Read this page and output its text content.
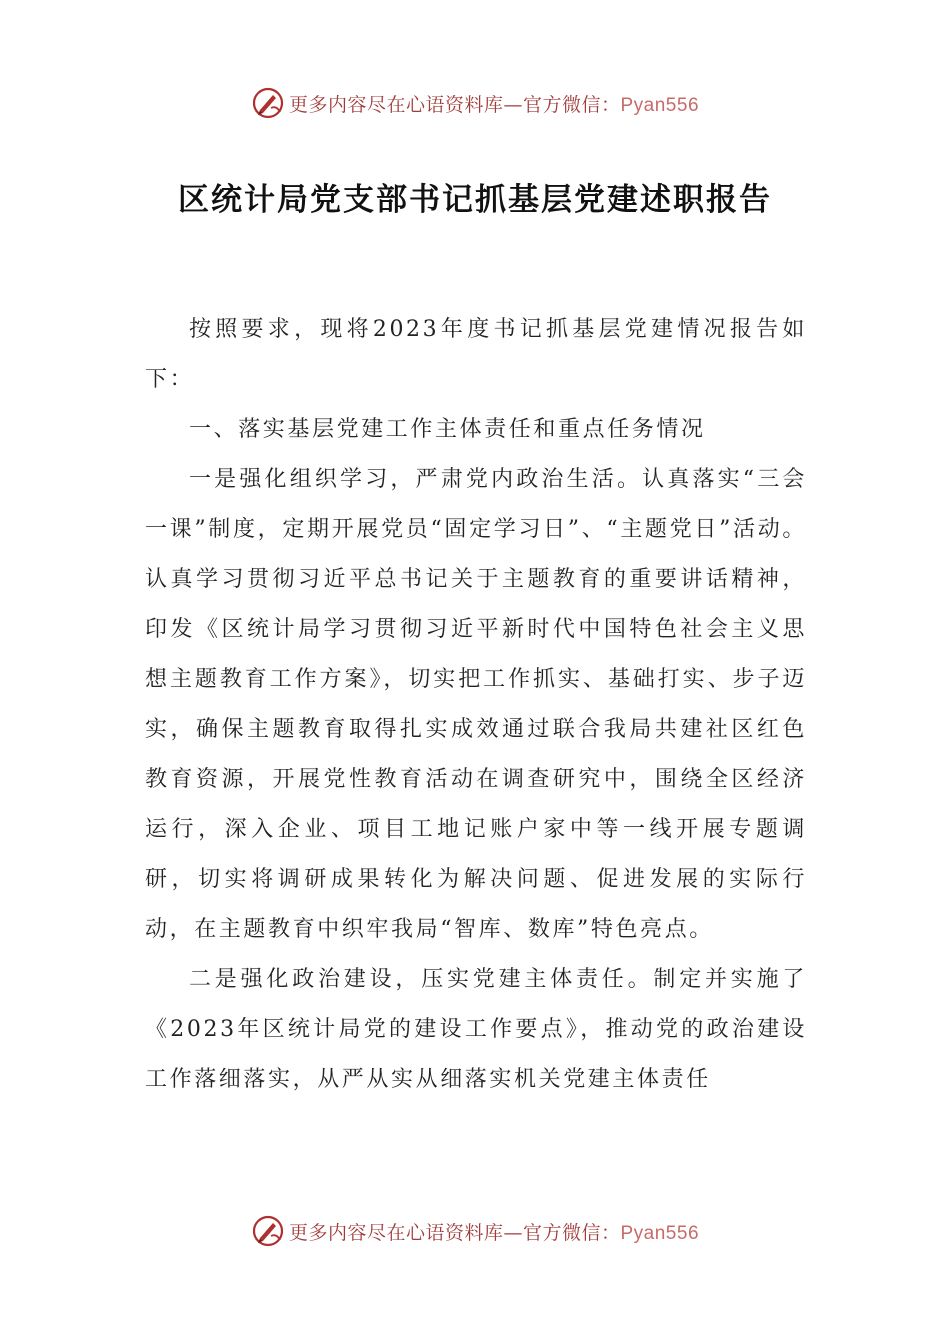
更多内容尽在心语资料库—官方微信：Pyan556
区统计局党支部书记抓基层党建述职报告

按照要求，现将2023年度书记抓基层党建情况报告如下：

一、落实基层党建工作主体责任和重点任务情况

一是强化组织学习，严肃党内政治生活。认真落实“三会一课”制度，定期开展党员“固定学习日”、“主题党日”活动。认真学习贯彻习近平总书记关于主题教育的重要讲话精神，印发《区统计局学习贯彻习近平新时代中国特色社会主义思想主题教育工作方案》，切实把工作抓实、基础打实、步子迈实，确保主题教育取得扎实成效通过联合我局共建社区红色教育资源，开展党性教育活动在调查研究中，围绕全区经济运行，深入企业、项目工地记账户家中等一线开展专题调研，切实将调研成果转化为解决问题、促进发展的实际行动，在主题教育中织牢我局“智库、数库”特色亮点。

二是强化政治建设，压实党建主体责任。制定并实施了《2023年区统计局党的建设工作要点》，推动党的政治建设工作落细落实，从严从实从细落实机关党建主体责任

更多内容尽在心语资料库—官方微信：Pyan556
